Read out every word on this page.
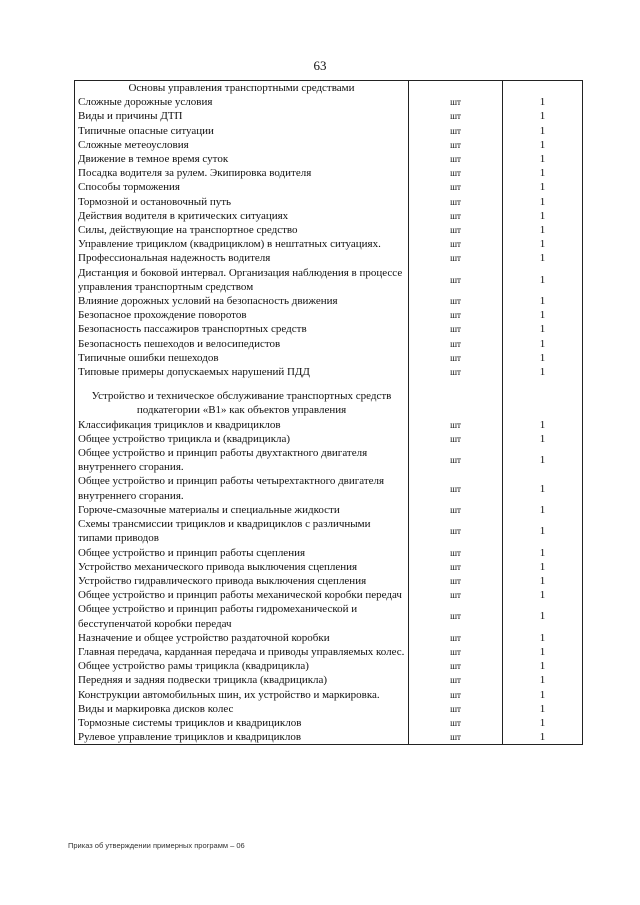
63
Основы управления транспортными средствами		
Сложные дорожные условия	шт	1
Виды и причины ДТП	шт	1
Типичные опасные ситуации	шт	1
Сложные метеоусловия	шт	1
Движение в темное время суток	шт	1
Посадка водителя за рулем. Экипировка водителя	шт	1
Способы торможения	шт	1
Тормозной и остановочный путь	шт	1
Действия водителя в критических ситуациях	шт	1
Силы, действующие на транспортное средство	шт	1
Управление трициклом (квадрициклом) в нештатных ситуациях.	шт	1
Профессиональная надежность водителя	шт	1
Дистанция и боковой интервал. Организация наблюдения в процессе управления транспортным средством	шт	1
Влияние дорожных условий на безопасность движения	шт	1
Безопасное прохождение поворотов	шт	1
Безопасность пассажиров транспортных средств	шт	1
Безопасность пешеходов и велосипедистов	шт	1
Типичные ошибки пешеходов	шт	1
Типовые примеры допускаемых нарушений ПДД	шт	1

Устройство и техническое обслуживание транспортных средств подкатегории «B1» как объектов управления		
Классификация трициклов и квадрициклов	шт	1
Общее устройство трицикла и (квадрицикла)	шт	1
Общее устройство и принцип работы двухтактного двигателя внутреннего сгорания.	шт	1
Общее устройство и принцип работы четырехтактного двигателя внутреннего сгорания.	шт	1
Горюче-смазочные материалы и специальные жидкости	шт	1
Схемы трансмиссии трициклов и квадрициклов с различными типами приводов	шт	1
Общее устройство и принцип работы сцепления	шт	1
Устройство механического привода выключения сцепления	шт	1
Устройство гидравлического привода выключения сцепления	шт	1
Общее устройство и принцип работы механической коробки передач	шт	1
Общее устройство и принцип работы гидромеханической и бесступенчатой коробки передач	шт	1
Назначение и общее устройство раздаточной коробки	шт	1
Главная передача, карданная передача и приводы управляемых колес.	шт	1
Общее устройство рамы трицикла (квадрицикла)	шт	1
Передняя и задняя подвески трицикла (квадрицикла)	шт	1
Конструкции автомобильных шин, их устройство и маркировка.	шт	1
Виды и маркировка дисков колес	шт	1
Тормозные системы трициклов и квадрициклов	шт	1
Рулевое управление трициклов и квадрициклов	шт	1
Приказ об утверждении примерных программ – 06
